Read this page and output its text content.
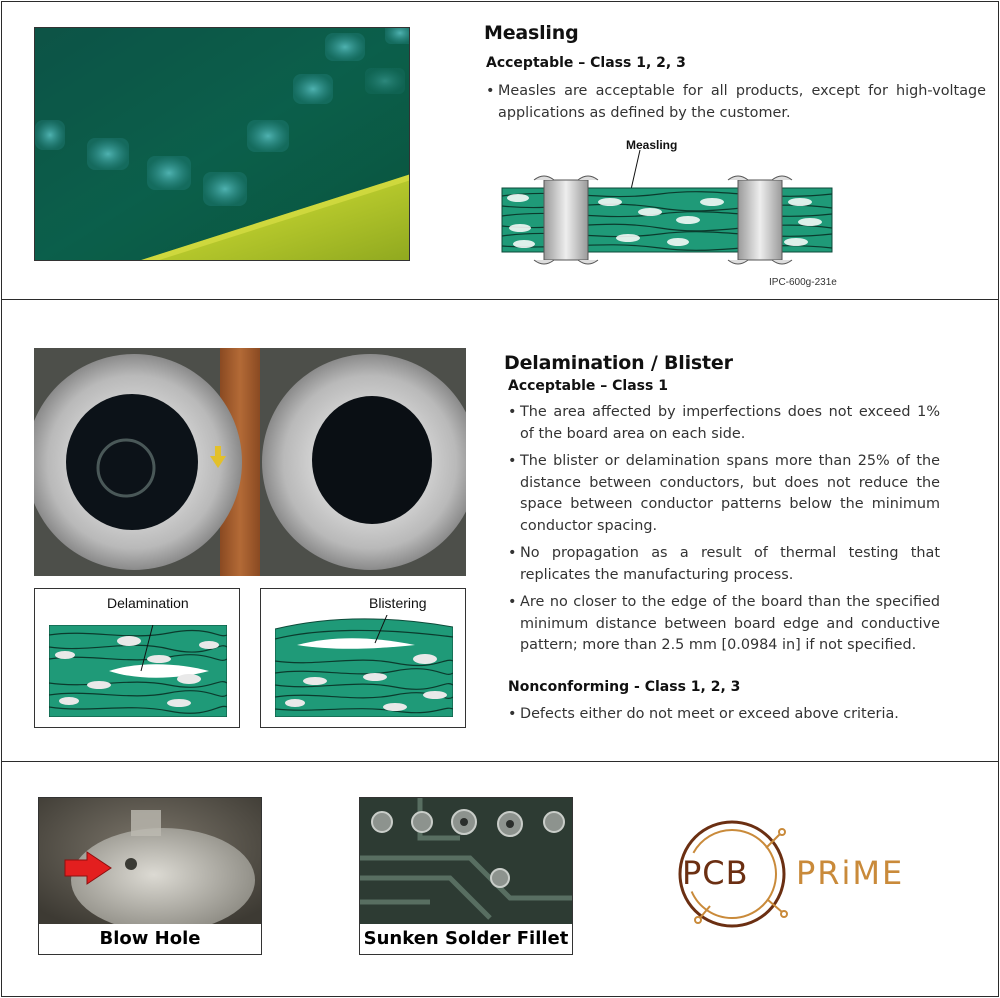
Measling
Acceptable – Class 1, 2, 3
• Measles are acceptable for all products, except for high-voltage applications as defined by the customer.
Measling
IPC-600g-231e
Delamination	Blistering
Delamination / Blister
Acceptable – Class 1
• The area affected by imperfections does not exceed 1% of the board area on each side.
• The blister or delamination spans more than 25% of the distance between conductors, but does not reduce the space between conductor patterns below the minimum conductor spacing.
• No propagation as a result of thermal testing that replicates the manufacturing process.
• Are no closer to the edge of the board than the specified minimum distance between board edge and conductive pattern; more than 2.5 mm [0.0984 in] if not specified.
Nonconforming - Class 1, 2, 3
• Defects either do not meet or exceed above criteria.
Blow Hole	Sunken Solder Fillet
PCB PRiME
